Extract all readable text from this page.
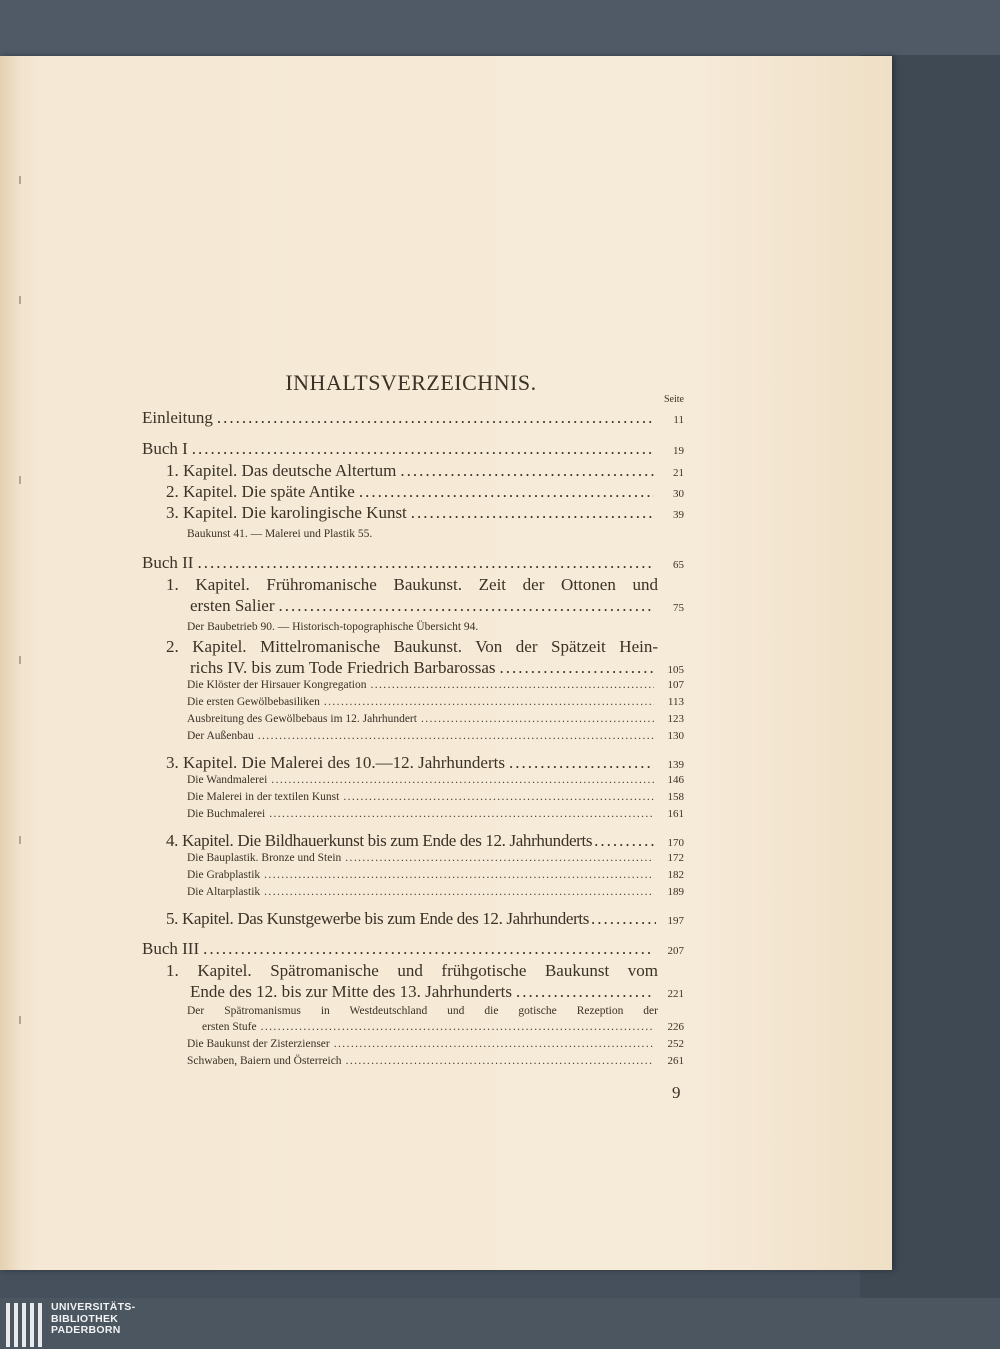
INHALTSVERZEICHNIS.
Seite
Einleitung .....	11
Buch I .....	19
1. Kapitel. Das deutsche Altertum .....	21
2. Kapitel. Die späte Antike .....	30
3. Kapitel. Die karolingische Kunst .....	39
Baukunst 41. — Malerei und Plastik 55.
Buch II .....	65
1. Kapitel. Frühromanische Baukunst. Zeit der Ottonen und
ersten Salier .....	75
Der Baubetrieb 90. — Historisch-topographische Übersicht 94.
2. Kapitel. Mittelromanische Baukunst. Von der Spätzeit Hein-
richs IV. bis zum Tode Friedrich Barbarossas .....	105
Die Klöster der Hirsauer Kongregation .....	107
Die ersten Gewölbebasiliken .....	113
Ausbreitung des Gewölbebaus im 12. Jahrhundert .....	123
Der Außenbau .....	130
3. Kapitel. Die Malerei des 10.—12. Jahrhunderts .....	139
Die Wandmalerei .....	146
Die Malerei in der textilen Kunst .....	158
Die Buchmalerei .....	161
4. Kapitel. Die Bildhauerkunst bis zum Ende des 12. Jahrhunderts .....	170
Die Bauplastik. Bronze und Stein .....	172
Die Grabplastik .....	182
Die Altarplastik .....	189
5. Kapitel. Das Kunstgewerbe bis zum Ende des 12. Jahrhunderts .....	197
Buch III .....	207
1. Kapitel. Spätromanische und frühgotische Baukunst vom
Ende des 12. bis zur Mitte des 13. Jahrhunderts .....	221
Der Spätromanismus in Westdeutschland und die gotische Rezeption der
ersten Stufe .....	226
Die Baukunst der Zisterzienser .....	252
Schwaben, Baiern und Österreich .....	261
9
UNIVERSITÄTS-
BIBLIOTHEK
PADERBORN
